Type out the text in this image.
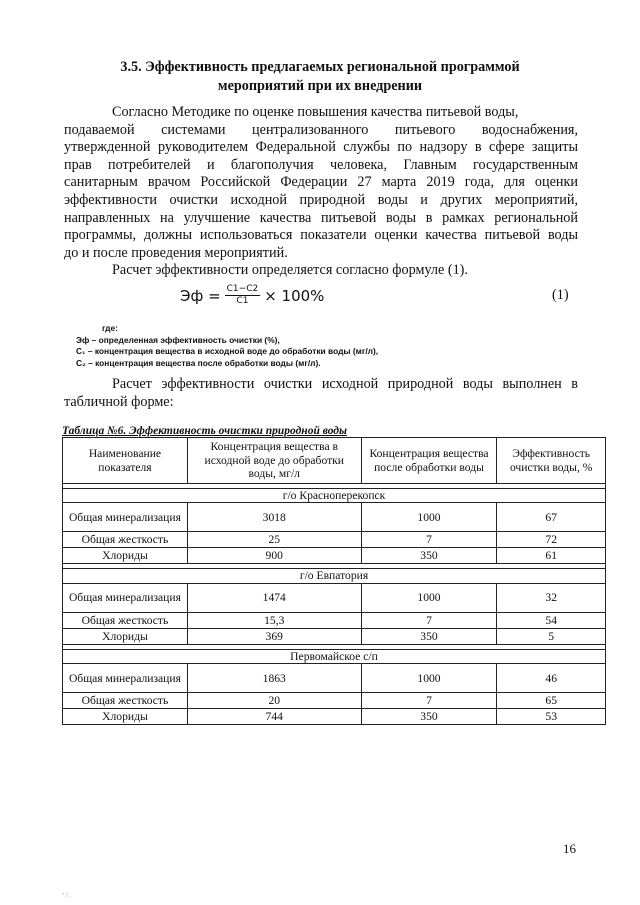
3.5. Эффективность предлагаемых региональной программой
мероприятий при их внедрении
Согласно Методике по оценке повышения качества питьевой воды,
подаваемой системами централизованного питьевого водоснабжения,
утвержденной руководителем Федеральной службы по надзору в сфере защиты
прав потребителей и благополучия человека, Главным государственным
санитарным врачом Российской Федерации 27 марта 2019 года, для оценки
эффективности очистки исходной природной воды и других мероприятий,
направленных на улучшение качества питьевой воды в рамках региональной
программы, должны использоваться показатели оценки качества питьевой воды
до и после проведения мероприятий.
Расчет эффективности определяется согласно формуле (1).
Эф = $\frac{C1-C2}{C1} \times 100\%$	(1)
где:
Эф – определенная эффективность очистки (%),
C₁ – концентрация вещества в исходной воде до обработки воды (мг/л),
C₂ – концентрация вещества после обработки воды (мг/л).
Расчет эффективности очистки исходной природной воды выполнен в
табличной форме:
Таблица №6. Эффективность очистки природной воды
Наименование показателя	Концентрация вещества в исходной воде до обработки воды, мг/л	Концентрация вещества после обработки воды	Эффективность очистки воды, %

г/о Красноперекопск			
Общая минерализация	3018	1000	67
Общая жесткость	25	7	72
Хлориды	900	350	61

г/о Евпатория			
Общая минерализация	1474	1000	32
Общая жесткость	15,3	7	54
Хлориды	369	350	5

Первомайское с/п			
Общая минерализация	1863	1000	46
Общая жесткость	20	7	65
Хлориды	744	350	53
16
" ! .
